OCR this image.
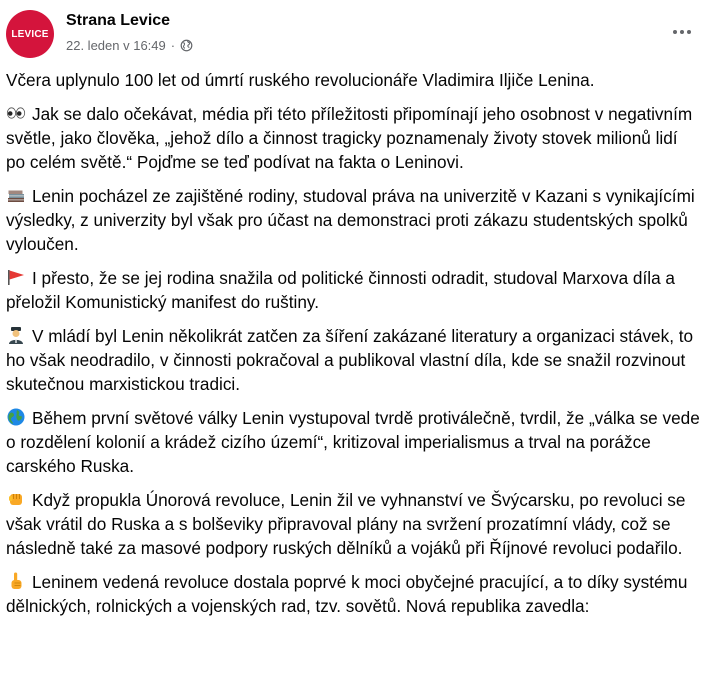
LEVICE
Strana Levice
22. leden v 16:49 ·

Včera uplynulo 100 let od úmrtí ruského revolucionáře Vladimira Iljiče Lenina.

Jak se dalo očekávat, média při této příležitosti připomínají jeho osobnost v negativním světle, jako člověka, „jehož dílo a činnost tragicky poznamenaly životy stovek milionů lidí po celém světě.“ Pojďme se teď podívat na fakta o Leninovi.

Lenin pocházel ze zajištěné rodiny, studoval práva na univerzitě v Kazani s vynikajícími výsledky, z univerzity byl však pro účast na demonstraci proti zákazu studentských spolků vyloučen.

I přesto, že se jej rodina snažila od politické činnosti odradit, studoval Marxova díla a přeložil Komunistický manifest do ruštiny.

V mládí byl Lenin několikrát zatčen za šíření zakázané literatury a organizaci stávek, to ho však neodradilo, v činnosti pokračoval a publikoval vlastní díla, kde se snažil rozvinout skutečnou marxistickou tradici.

Během první světové války Lenin vystupoval tvrdě protiválečně, tvrdil, že „válka se vede o rozdělení kolonií a krádež cizího území“, kritizoval imperialismus a trval na porážce carského Ruska.

Když propukla Únorová revoluce, Lenin žil ve vyhnanství ve Švýcarsku, po revoluci se však vrátil do Ruska a s bolševiky připravoval plány na svržení prozatímní vlády, což se následně také za masové podpory ruských dělníků a vojáků při Říjnové revoluci podařilo.

Leninem vedená revoluce dostala poprvé k moci obyčejné pracující, a to díky systému dělnických, rolnických a vojenských rad, tzv. sovětů. Nová republika zavedla:
